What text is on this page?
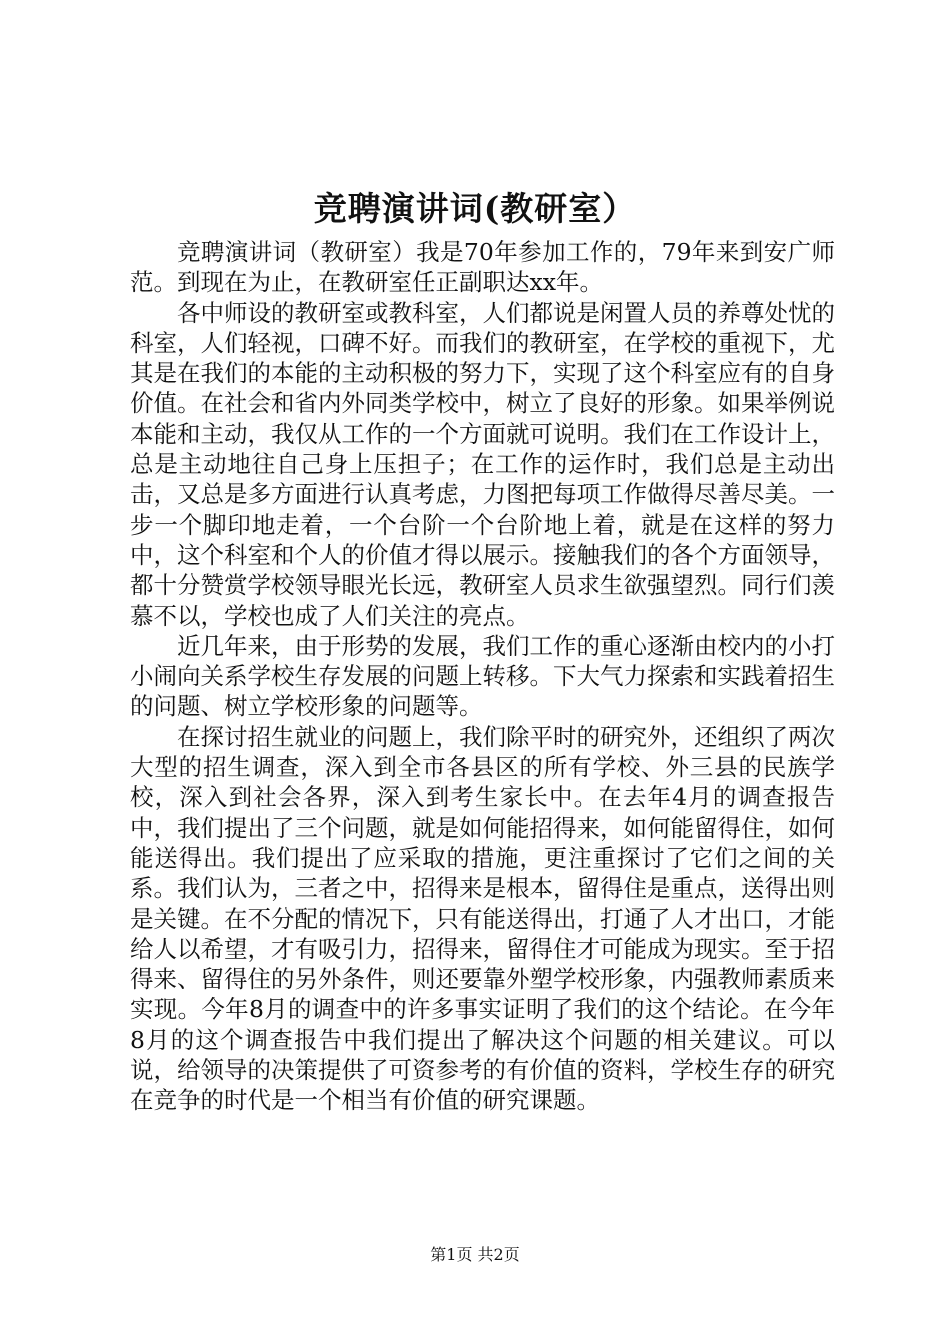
竞聘演讲词(教研室）

竞聘演讲词（教研室）我是70年参加工作的，79年来到安广师范。到现在为止，在教研室任正副职达xx年。

各中师设的教研室或教科室，人们都说是闲置人员的养尊处忧的科室，人们轻视，口碑不好。而我们的教研室，在学校的重视下，尤其是在我们的本能的主动积极的努力下，实现了这个科室应有的自身价值。在社会和省内外同类学校中，树立了良好的形象。如果举例说本能和主动，我仅从工作的一个方面就可说明。我们在工作设计上，总是主动地往自己身上压担子；在工作的运作时，我们总是主动出击，又总是多方面进行认真考虑，力图把每项工作做得尽善尽美。一步一个脚印地走着，一个台阶一个台阶地上着，就是在这样的努力中，这个科室和个人的价值才得以展示。接触我们的各个方面领导，都十分赞赏学校领导眼光长远，教研室人员求生欲强望烈。同行们羡慕不以，学校也成了人们关注的亮点。

近几年来，由于形势的发展，我们工作的重心逐渐由校内的小打小闹向关系学校生存发展的问题上转移。下大气力探索和实践着招生的问题、树立学校形象的问题等。

在探讨招生就业的问题上，我们除平时的研究外，还组织了两次大型的招生调查，深入到全市各县区的所有学校、外三县的民族学校，深入到社会各界，深入到考生家长中。在去年4月的调查报告中，我们提出了三个问题，就是如何能招得来，如何能留得住，如何能送得出。我们提出了应采取的措施，更注重探讨了它们之间的关系。我们认为，三者之中，招得来是根本，留得住是重点，送得出则是关键。在不分配的情况下，只有能送得出，打通了人才出口，才能给人以希望，才有吸引力，招得来，留得住才可能成为现实。至于招得来、留得住的另外条件，则还要靠外塑学校形象，内强教师素质来实现。今年8月的调查中的许多事实证明了我们的这个结论。在今年8月的这个调查报告中我们提出了解决这个问题的相关建议。可以说，给领导的决策提供了可资参考的有价值的资料，学校生存的研究在竞争的时代是一个相当有价值的研究课题。

第1页 共2页
